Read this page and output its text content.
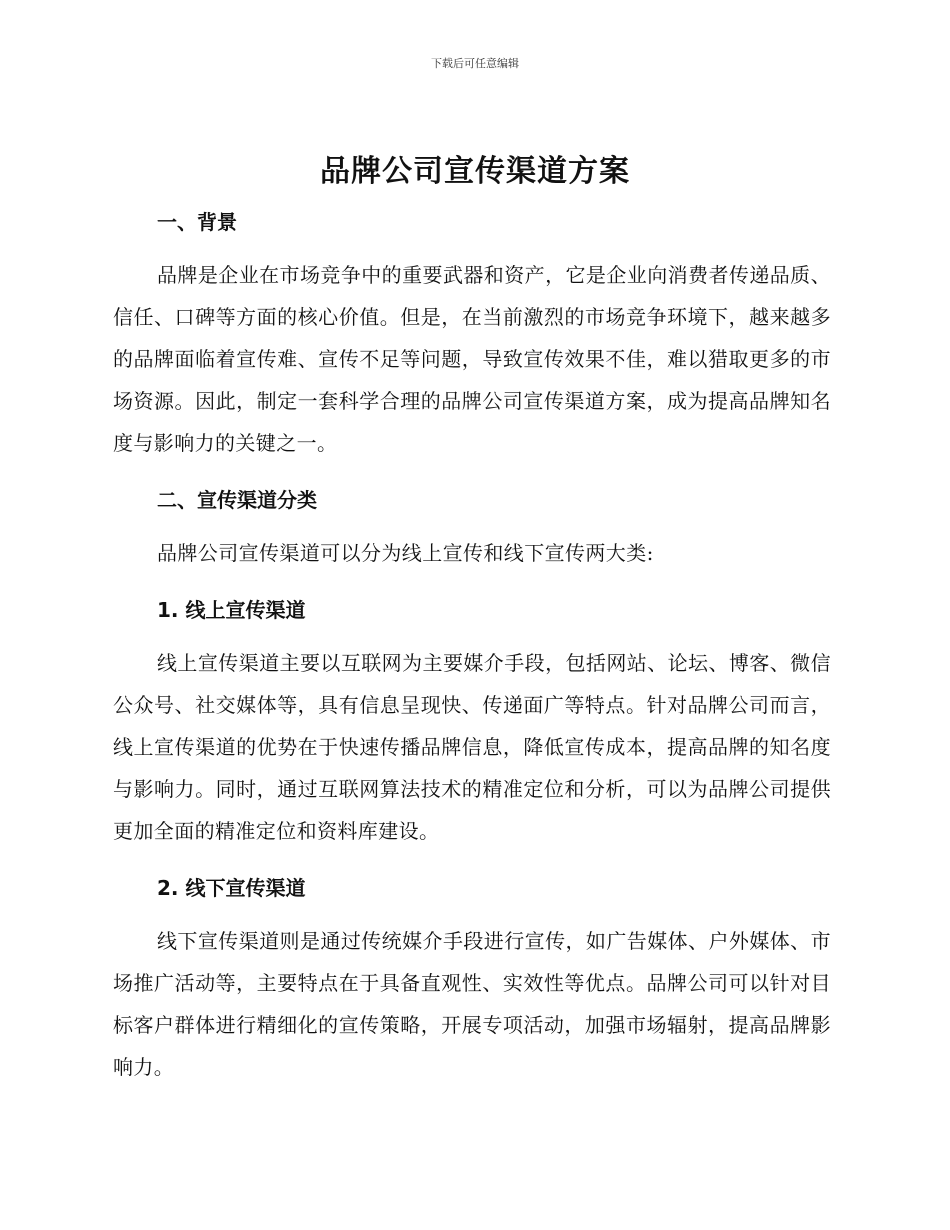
下载后可任意编辑
品牌公司宣传渠道方案
一、背景
品牌是企业在市场竞争中的重要武器和资产，它是企业向消费者传递品质、信任、口碑等方面的核心价值。但是，在当前激烈的市场竞争环境下，越来越多的品牌面临着宣传难、宣传不足等问题，导致宣传效果不佳，难以猎取更多的市场资源。因此，制定一套科学合理的品牌公司宣传渠道方案，成为提高品牌知名度与影响力的关键之一。
二、宣传渠道分类
品牌公司宣传渠道可以分为线上宣传和线下宣传两大类:
1. 线上宣传渠道
线上宣传渠道主要以互联网为主要媒介手段，包括网站、论坛、博客、微信公众号、社交媒体等，具有信息呈现快、传递面广等特点。针对品牌公司而言，线上宣传渠道的优势在于快速传播品牌信息，降低宣传成本，提高品牌的知名度与影响力。同时，通过互联网算法技术的精准定位和分析，可以为品牌公司提供更加全面的精准定位和资料库建设。
2. 线下宣传渠道
线下宣传渠道则是通过传统媒介手段进行宣传，如广告媒体、户外媒体、市场推广活动等，主要特点在于具备直观性、实效性等优点。品牌公司可以针对目标客户群体进行精细化的宣传策略，开展专项活动，加强市场辐射，提高品牌影响力。
